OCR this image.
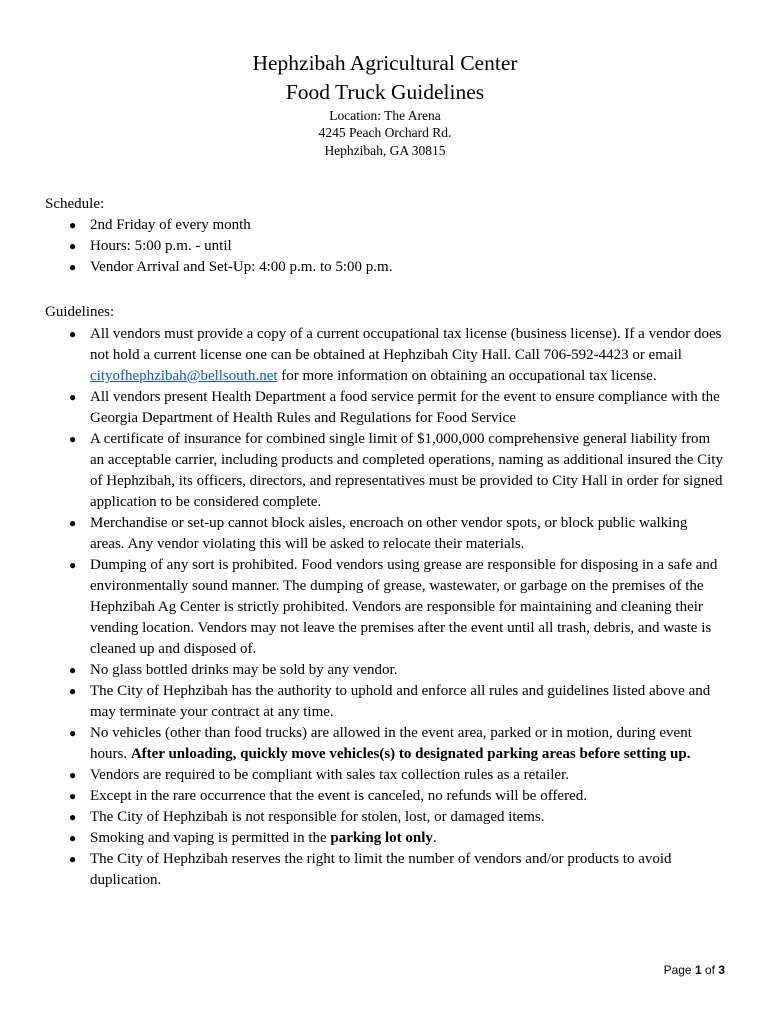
Hephzibah Agricultural Center
Food Truck Guidelines
Location: The Arena
4245 Peach Orchard Rd.
Hephzibah, GA 30815
Schedule:
● 2nd Friday of every month
● Hours: 5:00 p.m. - until
● Vendor Arrival and Set-Up: 4:00 p.m. to 5:00 p.m.
Guidelines:
● All vendors must provide a copy of a current occupational tax license (business license). If a vendor does not hold a current license one can be obtained at Hephzibah City Hall. Call 706-592-4423 or email cityofhephzibah@bellsouth.net for more information on obtaining an occupational tax license.
● All vendors present Health Department a food service permit for the event to ensure compliance with the Georgia Department of Health Rules and Regulations for Food Service
● A certificate of insurance for combined single limit of $1,000,000 comprehensive general liability from an acceptable carrier, including products and completed operations, naming as additional insured the City of Hephzibah, its officers, directors, and representatives must be provided to City Hall in order for signed application to be considered complete.
● Merchandise or set-up cannot block aisles, encroach on other vendor spots, or block public walking areas. Any vendor violating this will be asked to relocate their materials.
● Dumping of any sort is prohibited. Food vendors using grease are responsible for disposing in a safe and environmentally sound manner. The dumping of grease, wastewater, or garbage on the premises of the Hephzibah Ag Center is strictly prohibited. Vendors are responsible for maintaining and cleaning their vending location. Vendors may not leave the premises after the event until all trash, debris, and waste is cleaned up and disposed of.
● No glass bottled drinks may be sold by any vendor.
● The City of Hephzibah has the authority to uphold and enforce all rules and guidelines listed above and may terminate your contract at any time.
● No vehicles (other than food trucks) are allowed in the event area, parked or in motion, during event hours. After unloading, quickly move vehicles(s) to designated parking areas before setting up.
● Vendors are required to be compliant with sales tax collection rules as a retailer.
● Except in the rare occurrence that the event is canceled, no refunds will be offered.
● The City of Hephzibah is not responsible for stolen, lost, or damaged items.
● Smoking and vaping is permitted in the parking lot only.
● The City of Hephzibah reserves the right to limit the number of vendors and/or products to avoid duplication.
Page 1 of 3
